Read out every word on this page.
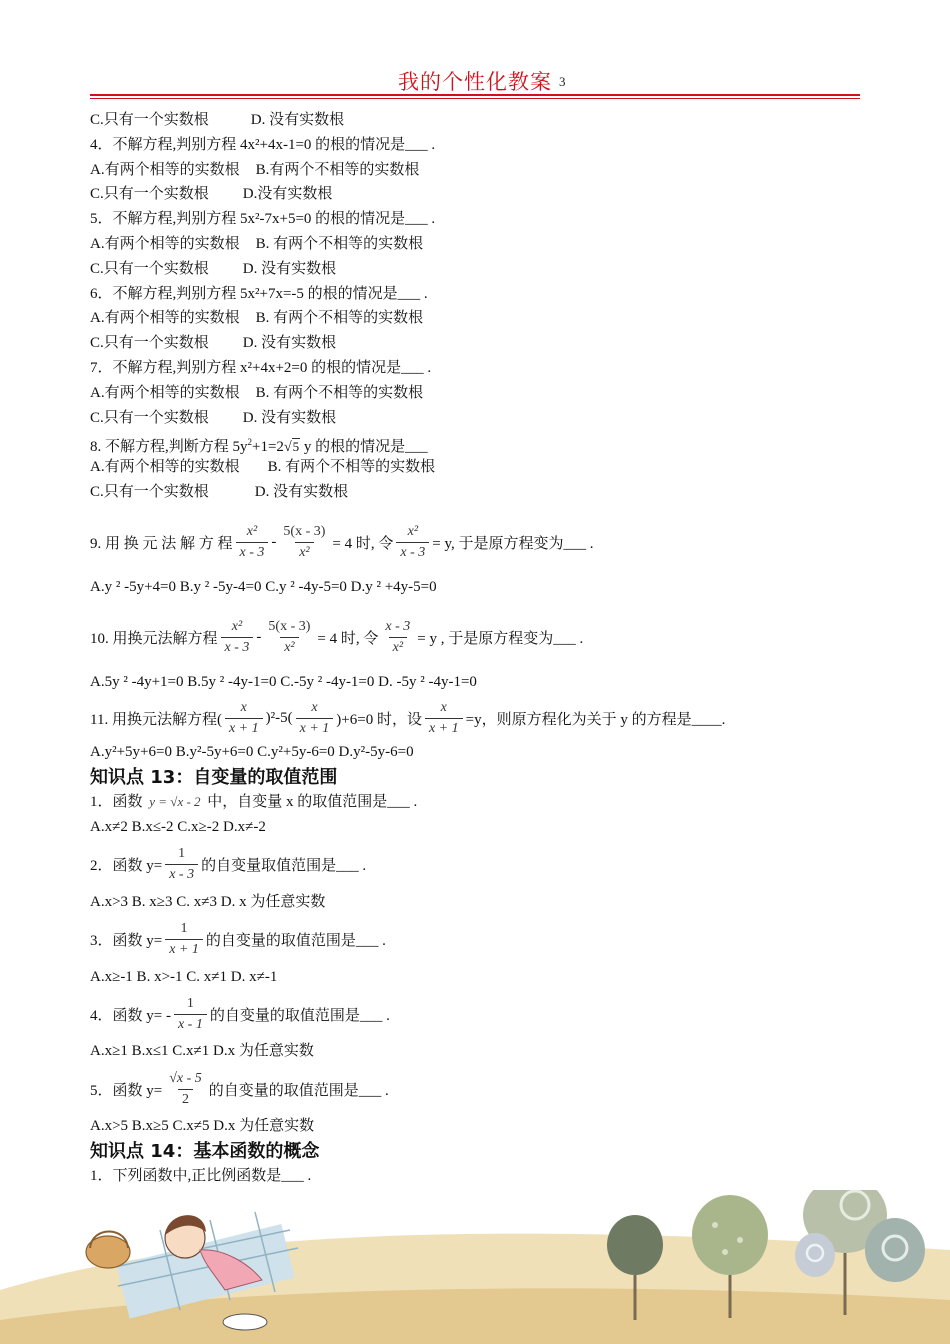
我的个性化教案 3
C.只有一个实数根	D. 没有实数根
4．不解方程,判别方程 4x²+4x-1=0 的根的情况是___ .
A.有两个相等的实数根 B.有两个不相等的实数根
C.只有一个实数根 D.没有实数根
5．不解方程,判别方程 5x²-7x+5=0 的根的情况是___ .
A.有两个相等的实数根 B. 有两个不相等的实数根
C.只有一个实数根 D. 没有实数根
6．不解方程,判别方程 5x²+7x=-5 的根的情况是___ .
A.有两个相等的实数根 B. 有两个不相等的实数根
C.只有一个实数根 D. 没有实数根
7．不解方程,判别方程 x²+4x+2=0 的根的情况是___ .
A.有两个相等的实数根 B. 有两个不相等的实数根
C.只有一个实数根 D. 没有实数根
8. 不解方程,判断方程 $5y^2+1=2√5$ y 的根的情况是___
A.有两个相等的实数根 B. 有两个不相等的实数根
C.只有一个实数根	D. 没有实数根
9. 用 换 元 法 解 方 程 $\frac{\text{x²}}{x - 3} - \frac{5(x - 3)}{\text{x²}} = 4$ 时, 令 $\frac{\text{x²}}{x - 3} = y$, 于是原方程变为___ .
A.y ² -5y+4=0 B.y ² -5y-4=0 C.y ² -4y-5=0 D.y ² +4y-5=0
10. 用换元法解方程 $\frac{\text{x²}}{x - 3} - \frac{5(x - 3)}{\text{x²}} = 4$ 时, 令 $\frac{x - 3}{\text{x²}} = y$ , 于是原方程变为___ .
A.5y ² -4y+1=0 B.5y ² -4y-1=0 C.-5y ² -4y-1=0 D. -5y ² -4y-1=0
11. 用换元法解方程( $\frac{x}{x + 1} )^2-5( \frac{x}{x + 1} )+6=0$ 时，设 $\frac{x}{x + 1} =y$，则原方程化为关于 y 的方程是____.
A.y²+5y+6=0 B.y²-5y+6=0 C.y²+5y-6=0 D.y²-5y-6=0
知识点 13：自变量的取值范围
1．函数 y = √x - 2 中，自变量 x 的取值范围是___ .
A.x≠2 B.x≤-2 C.x≥-2 D.x≠-2
2．函数 $y= \frac{1}{x - 3}$ 的自变量取值范围是___ .
A.x>3 B. x≥3 C. x≠3 D. x 为任意实数
3．函数 $y= \frac{1}{x + 1}$ 的自变量的取值范围是___ .
A.x≥-1 B. x>-1 C. x≠1 D. x≠-1
4．函数 $y= - \frac{1}{x - 1}$ 的自变量的取值范围是___ .
A.x≥1 B.x≤1 C.x≠1 D.x 为任意实数
5．函数 $y= \frac{√x - 5}{2}$ 的自变量的取值范围是___ .
A.x>5 B.x≥5 C.x≠5 D.x 为任意实数
知识点 14：基本函数的概念
1．下列函数中,正比例函数是___ .
